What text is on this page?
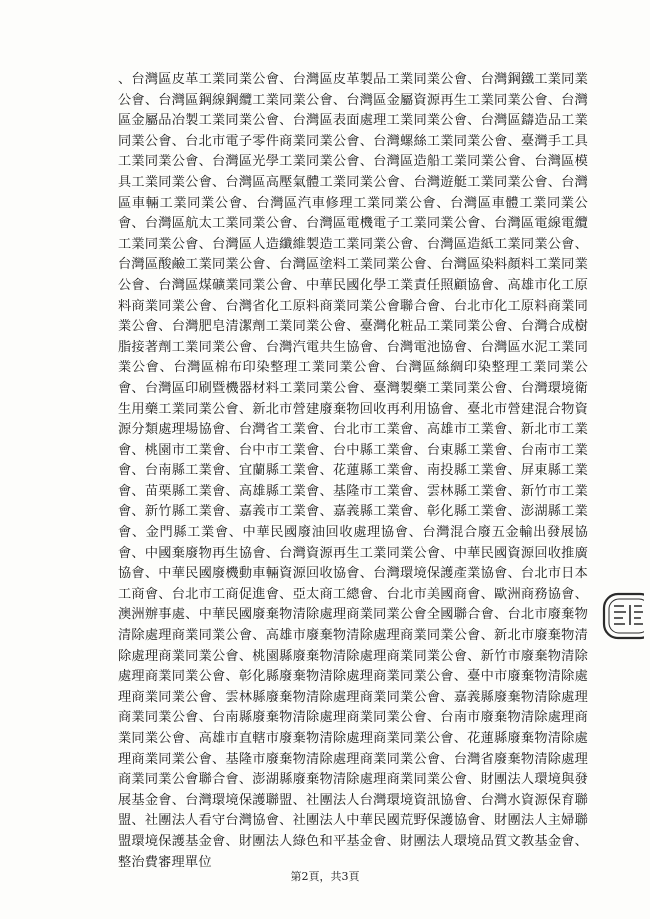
、台灣區皮革工業同業公會、台灣區皮革製品工業同業公會、台灣鋼鐵工業同業公會、台灣區鋼線鋼纜工業同業公會、台灣區金屬資源再生工業同業公會、台灣區金屬品冶製工業同業公會、台灣區表面處理工業同業公會、台灣區鑄造品工業同業公會、台北市電子零件商業同業公會、台灣螺絲工業同業公會、臺灣手工具工業同業公會、台灣區光學工業同業公會、台灣區造船工業同業公會、台灣區模具工業同業公會、台灣區高壓氣體工業同業公會、台灣遊艇工業同業公會、台灣區車輛工業同業公會、台灣區汽車修理工業同業公會、台灣區車體工業同業公會、台灣區航太工業同業公會、台灣區電機電子工業同業公會、台灣區電線電纜工業同業公會、台灣區人造纖維製造工業同業公會、台灣區造紙工業同業公會、台灣區酸鹼工業同業公會、台灣區塗料工業同業公會、台灣區染料顏料工業同業公會、台灣區煤礦業同業公會、中華民國化學工業責任照顧協會、高雄市化工原料商業同業公會、台灣省化工原料商業同業公會聯合會、台北市化工原料商業同業公會、台灣肥皂清潔劑工業同業公會、臺灣化粧品工業同業公會、台灣合成樹脂接著劑工業同業公會、台灣汽電共生協會、台灣電池協會、台灣區水泥工業同業公會、台灣區棉布印染整理工業同業公會、台灣區絲綢印染整理工業同業公會、台灣區印刷暨機器材料工業同業公會、臺灣製藥工業同業公會、台灣環境衛生用藥工業同業公會、新北市營建廢棄物回收再利用協會、臺北市營建混合物資源分類處理場協會、台灣省工業會、台北市工業會、高雄市工業會、新北市工業會、桃園市工業會、台中市工業會、台中縣工業會、台東縣工業會、台南市工業會、台南縣工業會、宜蘭縣工業會、花蓮縣工業會、南投縣工業會、屏東縣工業會、苗栗縣工業會、高雄縣工業會、基隆市工業會、雲林縣工業會、新竹市工業會、新竹縣工業會、嘉義市工業會、嘉義縣工業會、彰化縣工業會、澎湖縣工業會、金門縣工業會、中華民國廢油回收處理協會、台灣混合廢五金輸出發展協會、中國棄廢物再生協會、台灣資源再生工業同業公會、中華民國資源回收推廣協會、中華民國廢機動車輛資源回收協會、台灣環境保護產業協會、台北市日本工商會、台北市工商促進會、亞太商工總會、台北市美國商會、歐洲商務協會、澳洲辦事處、中華民國廢棄物清除處理商業同業公會全國聯合會、台北市廢棄物清除處理商業同業公會、高雄市廢棄物清除處理商業同業公會、新北市廢棄物清除處理商業同業公會、桃園縣廢棄物清除處理商業同業公會、新竹市廢棄物清除處理商業同業公會、彰化縣廢棄物清除處理商業同業公會、臺中市廢棄物清除處理商業同業公會、雲林縣廢棄物清除處理商業同業公會、嘉義縣廢棄物清除處理商業同業公會、台南縣廢棄物清除處理商業同業公會、台南市廢棄物清除處理商業同業公會、高雄市直轄市廢棄物清除處理商業同業公會、花蓮縣廢棄物清除處理商業同業公會、基隆市廢棄物清除處理商業同業公會、台灣省廢棄物清除處理商業同業公會聯合會、澎湖縣廢棄物清除處理商業同業公會、財團法人環境與發展基金會、台灣環境保護聯盟、社團法人台灣環境資訊協會、台灣水資源保育聯盟、社團法人看守台灣協會、社團法人中華民國荒野保護協會、財團法人主婦聯盟環境保護基金會、財團法人綠色和平基金會、財團法人環境品質文教基金會、整治費審理單位

第2頁，共3頁
